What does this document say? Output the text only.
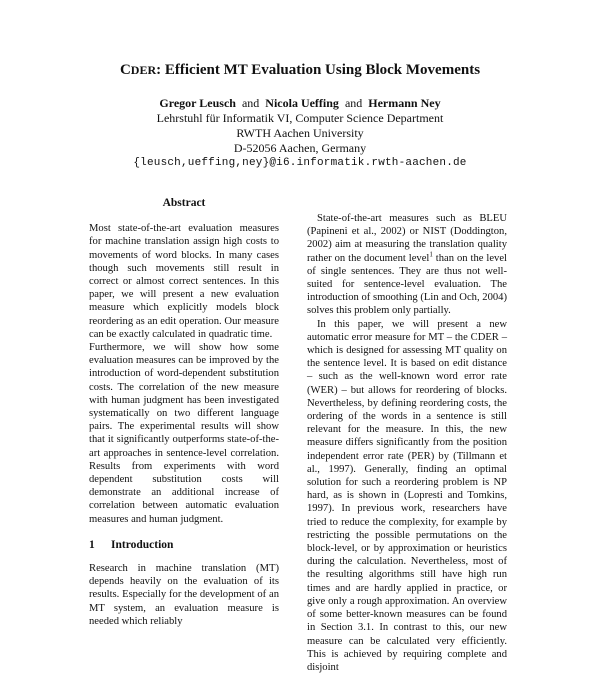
CDER: Efficient MT Evaluation Using Block Movements
Gregor Leusch and Nicola Ueffing and Hermann Ney
Lehrstuhl für Informatik VI, Computer Science Department
RWTH Aachen University
D-52056 Aachen, Germany
{leusch,ueffing,ney}@i6.informatik.rwth-aachen.de

Abstract

Most state-of-the-art evaluation measures for machine translation assign high costs to movements of word blocks. In many cases though such movements still result in correct or almost correct sentences. In this paper, we will present a new evaluation measure which explicitly models block reordering as an edit operation. Our measure can be exactly calculated in quadratic time.

Furthermore, we will show how some evaluation measures can be improved by the introduction of word-dependent substitution costs. The correlation of the new measure with human judgment has been investigated systematically on two different language pairs. The experimental results will show that it significantly outperforms state-of-the-art approaches in sentence-level correlation. Results from experiments with word dependent substitution costs will demonstrate an additional increase of correlation between automatic evaluation measures and human judgment.

1 Introduction

Research in machine translation (MT) depends heavily on the evaluation of its results. Especially for the development of an MT system, an evaluation measure is needed which reliably

State-of-the-art measures such as BLEU (Papineni et al., 2002) or NIST (Doddington, 2002) aim at measuring the translation quality rather on the document level$^1$ than on the level of single sentences. They are thus not well-suited for sentence-level evaluation. The introduction of smoothing (Lin and Och, 2004) solves this problem only partially.

In this paper, we will present a new automatic error measure for MT – the CDER – which is designed for assessing MT quality on the sentence level. It is based on edit distance – such as the well-known word error rate (WER) – but allows for reordering of blocks. Nevertheless, by defining reordering costs, the ordering of the words in a sentence is still relevant for the measure. In this, the new measure differs significantly from the position independent error rate (PER) by (Tillmann et al., 1997). Generally, finding an optimal solution for such a reordering problem is NP hard, as is shown in (Lopresti and Tomkins, 1997). In previous work, researchers have tried to reduce the complexity, for example by restricting the possible permutations on the block-level, or by approximation or heuristics during the calculation. Nevertheless, most of the resulting algorithms still have high run times and are hardly applied in practice, or give only a rough approximation. An overview of some better-known measures can be found in Section 3.1. In contrast to this, our new measure can be calculated very efficiently. This is achieved by requiring complete and disjoint
